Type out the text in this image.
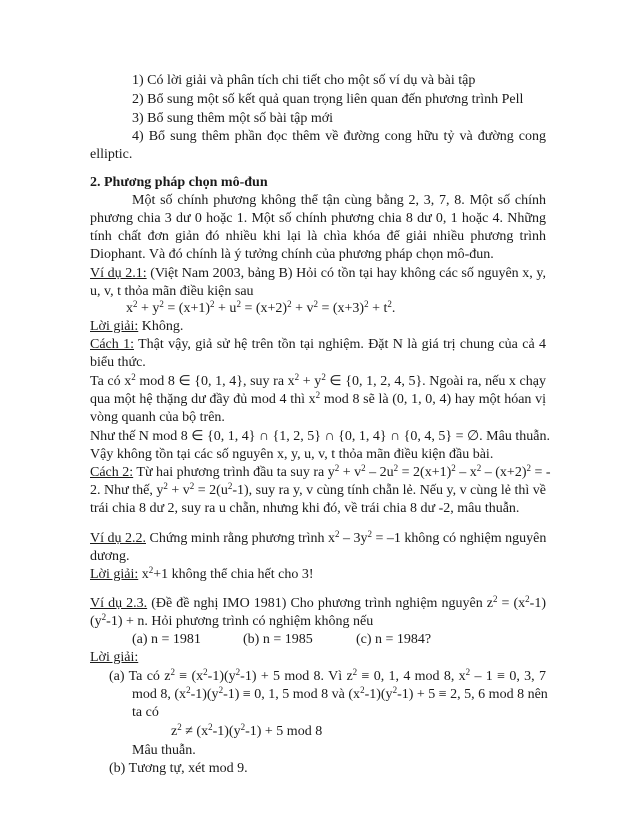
1) Có lời giải và phân tích chi tiết cho một số ví dụ và bài tập
2) Bổ sung một số kết quả quan trọng liên quan đến phương trình Pell
3) Bổ sung thêm một số bài tập mới
4) Bổ sung thêm phần đọc thêm về đường cong hữu tỷ và đường cong
elliptic.
2. Phương pháp chọn mô-đun
Một số chính phương không thể tận cùng bằng 2, 3, 7, 8. Một số chính
phương chia 3 dư 0 hoặc 1. Một số chính phương chia 8 dư 0, 1 hoặc 4. Những
tính chất đơn giản đó nhiều khi lại là chìa khóa để giải nhiều phương trình
Diophant. Và đó chính là ý tưởng chính của phương pháp chọn mô-đun.
Ví dụ 2.1: (Việt Nam 2003, bảng B) Hỏi có tồn tại hay không các số nguyên x, y,
u, v, t thỏa mãn điều kiện sau
$x^2 + y^2 = (x+1)^2 + u^2 = (x+2)^2 + v^2 = (x+3)^2 + t^2$.
Lời giải: Không.
Cách 1: Thật vậy, giả sử hệ trên tồn tại nghiệm. Đặt N là giá trị chung của cả 4
biểu thức.
Ta có $x^2$ mod 8 ∈ {0, 1, 4}, suy ra $x^2 + y^2$ ∈ {0, 1, 2, 4, 5}. Ngoài ra, nếu x chạy
qua một hệ thặng dư đầy đủ mod 4 thì $x^2$ mod 8 sẽ là (0, 1, 0, 4) hay một hóan vị
vòng quanh của bộ trên.
Như thế N mod 8 ∈ {0, 1, 4} ∩ {1, 2, 5} ∩ {0, 1, 4} ∩ {0, 4, 5} = ∅. Mâu thuẫn.
Vậy không tồn tại các số nguyên x, y, u, v, t thỏa mãn điều kiện đầu bài.
Cách 2: Từ hai phương trình đầu ta suy ra $y^2 + v^2 - 2u^2 = 2(x+1)^2 - x^2 - (x+2)^2$ = -
2. Như thế, $y^2 + v^2 = 2(u^2-1)$, suy ra y, v cùng tính chẵn lẻ. Nếu y, v cùng lẻ thì về
trái chia 8 dư 2, suy ra u chẵn, nhưng khi đó, về trái chia 8 dư -2, mâu thuẫn.
Ví dụ 2.2. Chứng minh rằng phương trình $x^2 - 3y^2 = -1$ không có nghiệm nguyên
dương.
Lời giải: $x^2+1$ không thể chia hết cho 3!
Ví dụ 2.3. (Đề đề nghị IMO 1981) Cho phương trình nghiệm nguyên $z^2 = (x^2-1)$
$(y^2-1) + n$. Hỏi phương trình có nghiệm không nếu
(a) n = 1981	(b) n = 1985	(c) n = 1984?
Lời giải:
(a) Ta có $z^2 \equiv (x^2-1)(y^2-1) + 5$ mod 8. Vì $z^2 \equiv 0$, 1, 4 mod 8, $x^2 - 1 \equiv 0$, 3, 7
mod 8, $(x^2-1)(y^2-1) \equiv 0$, 1, 5 mod 8 và $(x^2-1)(y^2-1) + 5 \equiv 2$, 5, 6 mod 8 nên
ta có
$z^2 \ne (x^2-1)(y^2-1) + 5$ mod 8
Mâu thuẫn.
(b) Tương tự, xét mod 9.
